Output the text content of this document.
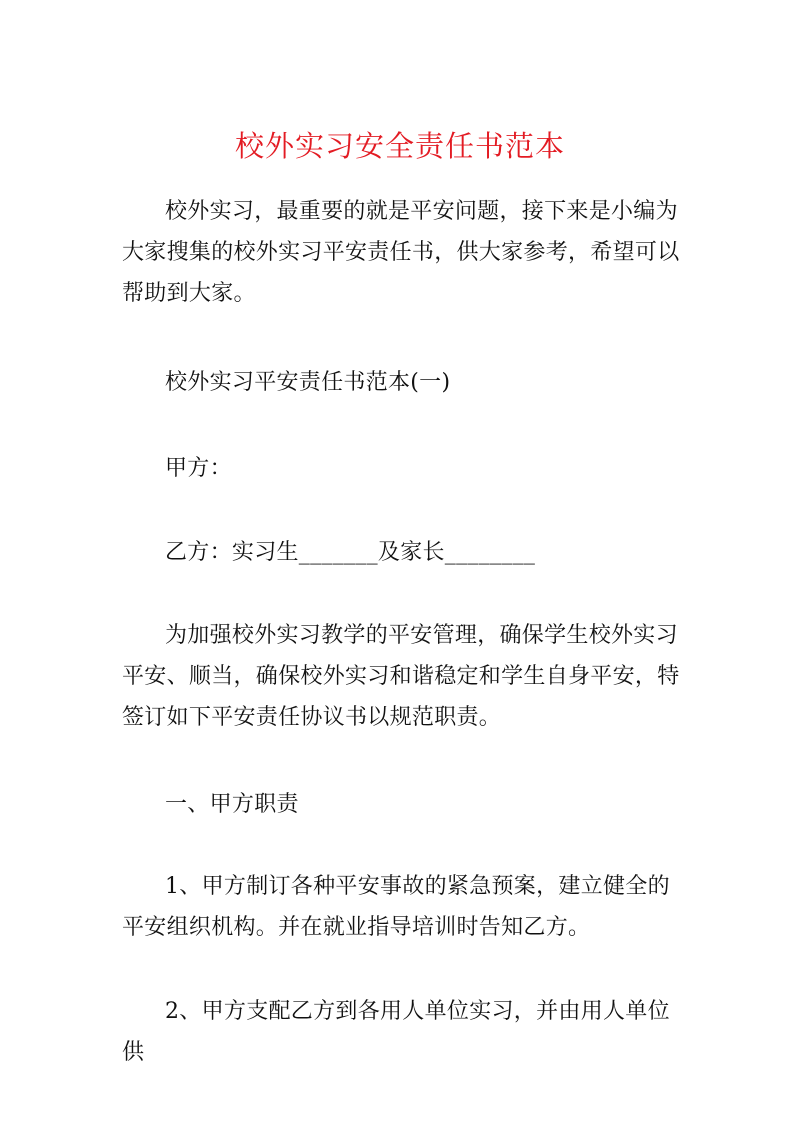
校外实习安全责任书范本

校外实习，最重要的就是平安问题，接下来是小编为大家搜集的校外实习平安责任书，供大家参考，希望可以帮助到大家。

校外实习平安责任书范本(一)

甲方：

乙方：实习生_______及家长________

为加强校外实习教学的平安管理，确保学生校外实习平安、顺当，确保校外实习和谐稳定和学生自身平安，特签订如下平安责任协议书以规范职责。

一、甲方职责

1、甲方制订各种平安事故的紧急预案，建立健全的平安组织机构。并在就业指导培训时告知乙方。

2、甲方支配乙方到各用人单位实习，并由用人单位供
